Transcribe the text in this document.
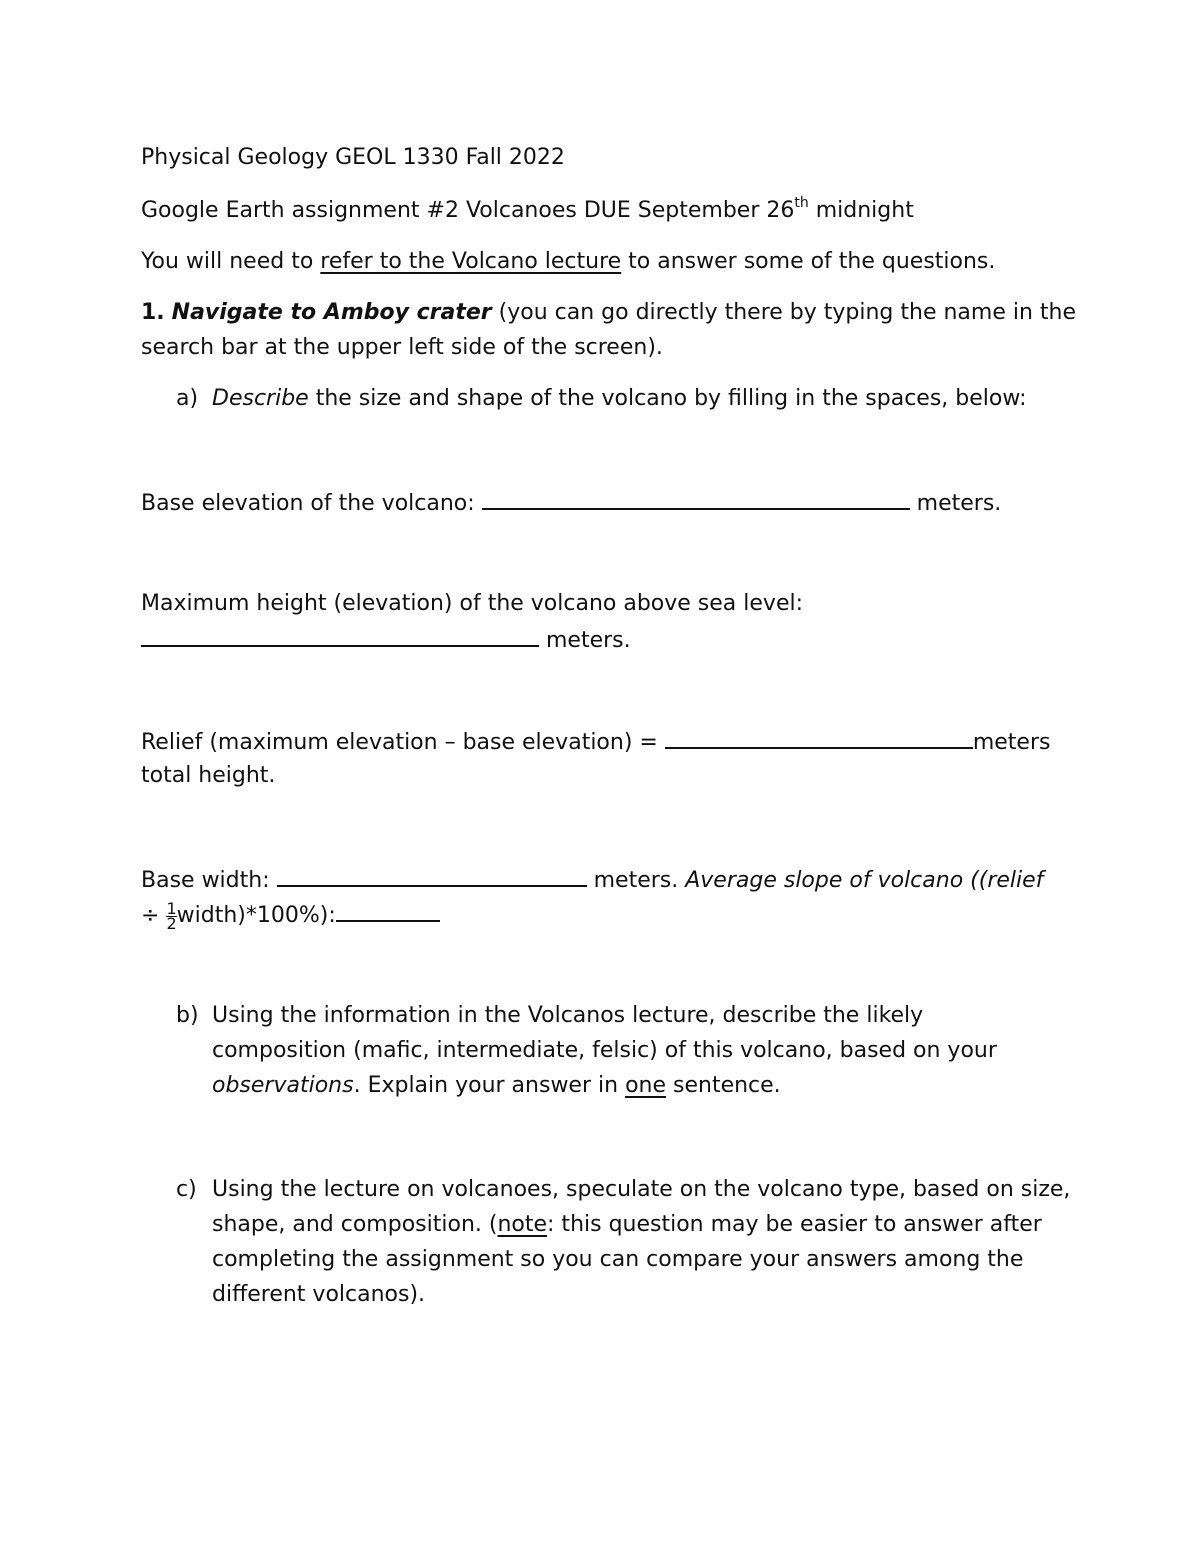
Physical Geology GEOL 1330 Fall 2022
Google Earth assignment #2 Volcanoes DUE September 26th midnight
You will need to refer to the Volcano lecture to answer some of the questions.
1. Navigate to Amboy crater (you can go directly there by typing the name in the
search bar at the upper left side of the screen).
a) Describe the size and shape of the volcano by filling in the spaces, below:
Base elevation of the volcano:	meters.
Maximum height (elevation) of the volcano above sea level:
meters.
Relief (maximum elevation – base elevation) =	meters
total height.
Base width:	meters. Average slope of volcano ((relief
÷ $\frac{1}{2}$ width)*100%):
b) Using the information in the Volcanos lecture, describe the likely
composition (mafic, intermediate, felsic) of this volcano, based on your
observations. Explain your answer in one sentence.
c) Using the lecture on volcanoes, speculate on the volcano type, based on size,
shape, and composition. (note: this question may be easier to answer after
completing the assignment so you can compare your answers among the
different volcanos).
